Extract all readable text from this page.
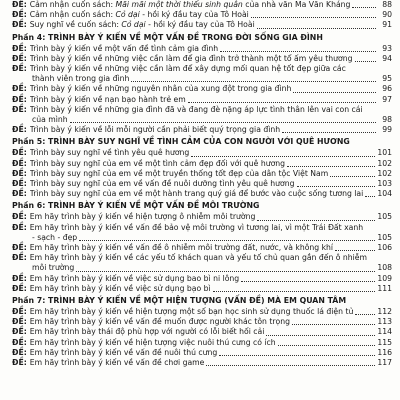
ĐỀ: Cảm nhận cuốn sách: Mãi mãi một thời thiếu sinh quân của nhà văn Ma Văn Kháng	88
ĐỀ: Cảm nhận cuốn sách: Cỏ dại - hồi ký đầu tay của Tô Hoài	90
ĐỀ: Suy nghĩ về cuốn sách: Cỏ dại - hồi ký đầu tay của Tô Hoài	91
Phần 4: TRÌNH BÀY Ý KIẾN VỀ MỘT VẤN ĐỀ TRONG ĐỜI SỐNG GIA ĐÌNH
ĐỀ: Trình bày ý kiến về một vấn đề tình cảm gia đình	93
ĐỀ: Trình bày ý kiến về những việc cần làm để gia đình trở thành một tổ ấm yêu thương	94
ĐỀ: Trình bày ý kiến về những việc cần làm để xây dựng mối quan hệ tốt đẹp giữa các
thành viên trong gia đình	95
ĐỀ: Trình bày ý kiến về những nguyên nhân của xung đột trong gia đình	96
ĐỀ: Trình bày ý kiến về nạn bạo hành trẻ em	97
ĐỀ: Trình bày ý kiến về những gia đình đã và đang đè nặng áp lực tình thân lên vai con cái
của mình	98
ĐỀ: Trình bày ý kiến về lỗi mỗi người cần phải biết quý trọng gia đình	99
Phần 5: TRÌNH BÀY SUY NGHĨ VỀ TÌNH CẢM CỦA CON NGƯỜI VỚI QUÊ HƯƠNG
ĐỀ: Trình bày suy nghĩ về tình yêu quê hương	101
ĐỀ: Trình bày suy nghĩ của em về một tình cảm đẹp đối với quê hương	102
ĐỀ: Trình bày suy nghĩ của em về một truyền thống tốt đẹp của dân tộc Việt Nam	102
ĐỀ: Trình bày suy nghĩ của em về vấn đề nuôi dưỡng tình yêu quê hương	103
ĐỀ: Trình bày suy nghĩ của em về một hành trang quý giá để bước vào cuộc sống tương lai 104
Phần 6: TRÌNH BÀY Ý KIẾN VỀ MỘT VẤN ĐỀ MÔI TRƯỜNG
ĐỀ: Em hãy trình bày ý kiến về hiện tượng ô nhiễm môi trường	105
ĐỀ: Em hãy trình bày ý kiến về vấn đề bảo vệ môi trường vì tương lai, vì một Trái Đất xanh
- sạch - đẹp	105
ĐỀ: Em hãy trình bày ý kiến về vấn đề ô nhiễm môi trường đất, nước, và không khí	106
ĐỀ: Em hãy trình bày ý kiến về các yếu tố khách quan và yếu tố chủ quan gắn đến ô nhiễm
môi trường	108
ĐỀ: Em hãy trình bày ý kiến về việc sử dụng bao bì ni lông	109
ĐỀ: Em hãy trình bày ý kiến về việc sử dụng bạo bì	111
Phần 7: TRÌNH BÀY Ý KIẾN VỀ MỘT HIỆN TƯỢNG (VẤN ĐỀ) MÀ EM QUAN TÂM
ĐỀ: Em hãy trình bày ý kiến về hiện tượng một số bạn học sinh sử dụng thuốc lá điện tử	112
ĐỀ: Em hãy trình bày ý kiến về vấn đề muốn được người khác tôn trọng	113
ĐỀ: Em hãy trình bày thái độ phù hợp với người có lỗi biết hối cải	114
ĐỀ: Em hãy trình bày ý kiến về hiện tượng việc nuôi thú cưng có ích	115
ĐỀ: Em hãy trình bày ý kiến về vấn đề nuôi thú cưng	116
ĐỀ: Em hãy trình bày ý kiến về vấn đề chơi game	117
